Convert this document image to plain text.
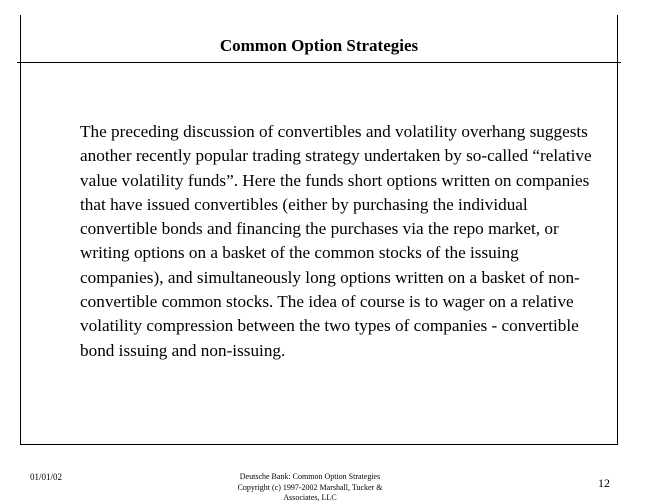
Common Option Strategies

The preceding discussion of convertibles and volatility overhang suggests another recently popular trading strategy undertaken by so-called “relative value volatility funds”. Here the funds short options written on companies that have issued convertibles (either by purchasing the individual convertible bonds and financing the purchases via the repo market, or writing options on a basket of the common stocks of the issuing companies), and simultaneously long options written on a basket of non-convertible common stocks. The idea of course is to wager on a relative volatility compression between the two types of companies - convertible bond issuing and non-issuing.

01/01/02	Deutsche Bank: Common Option Strategies
Copyright (c) 1997-2002 Marshall, Tucker &
Associates, LLC
12
